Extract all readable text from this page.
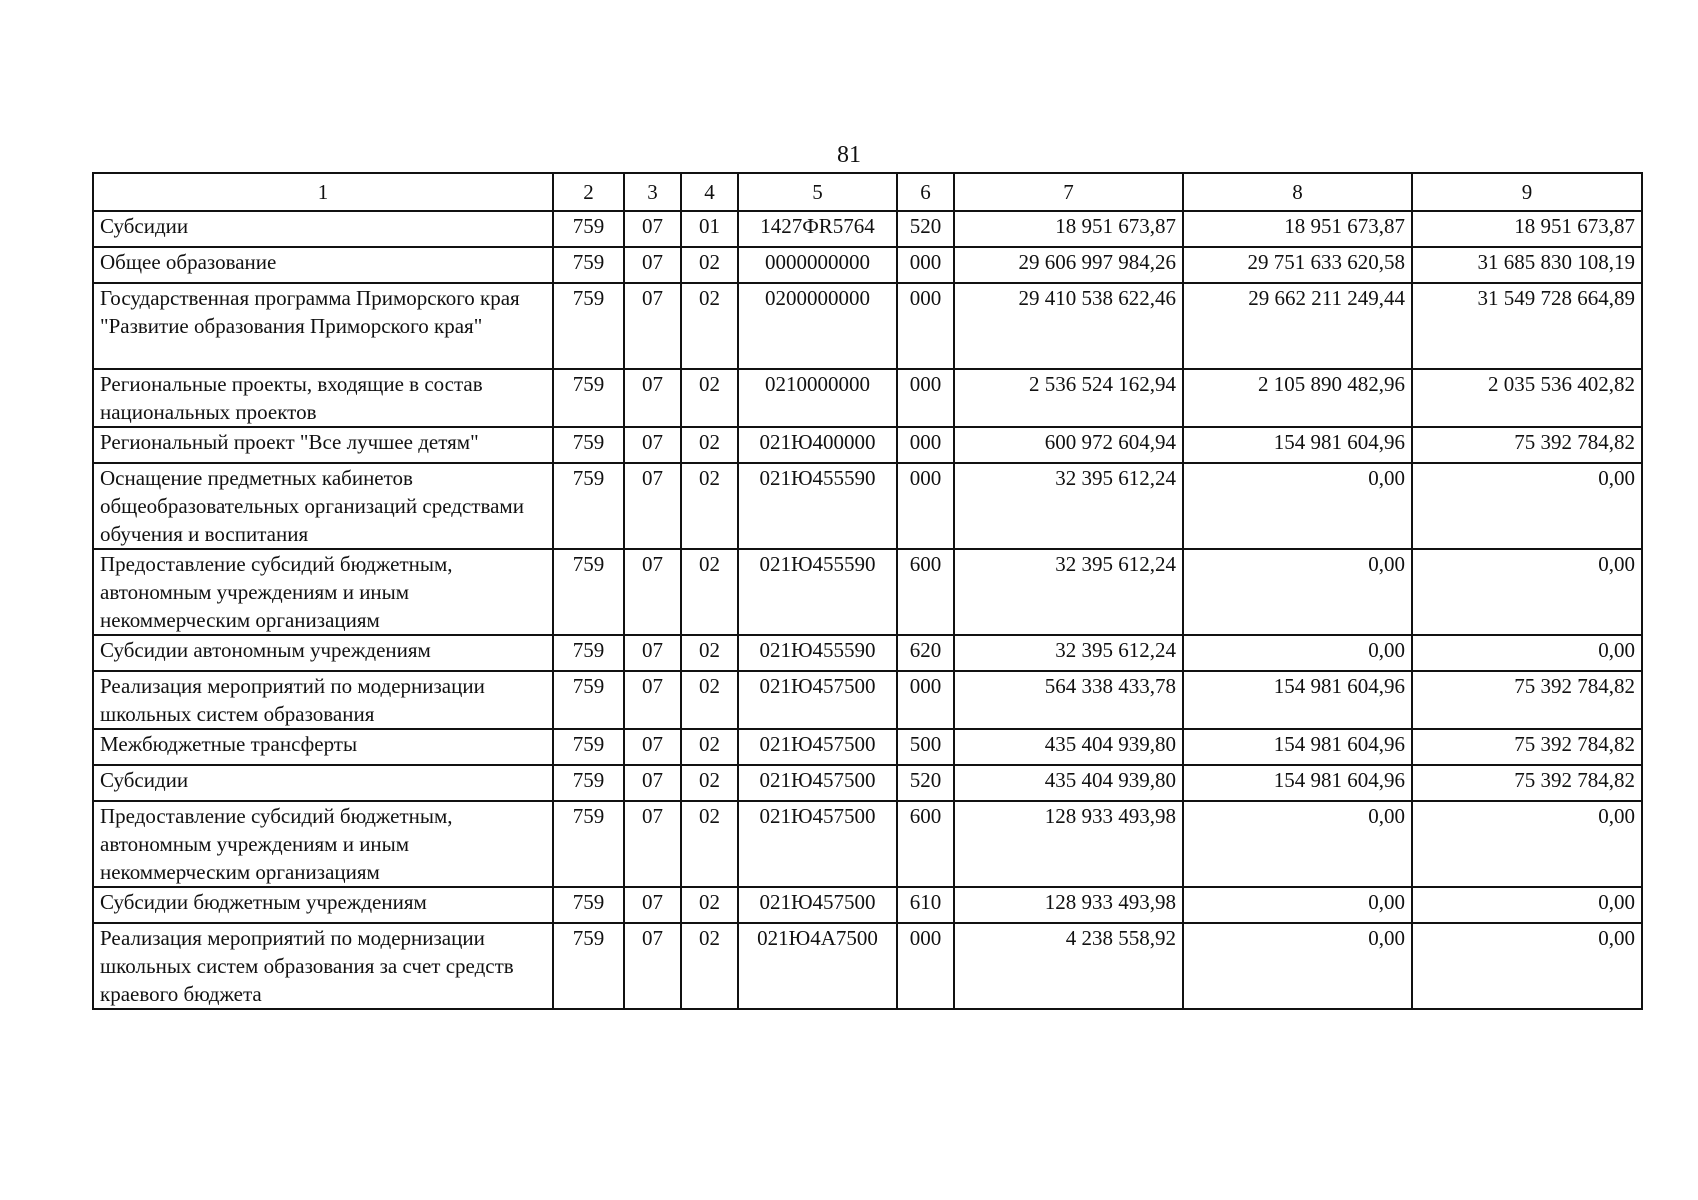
81
1	2	3	4	5	6	7	8	9
Субсидии	759	07	01	1427ФR5764	520	18 951 673,87	18 951 673,87	18 951 673,87
Общее образование	759	07	02	0000000000	000	29 606 997 984,26	29 751 633 620,58	31 685 830 108,19
Государственная программа Приморского края "Развитие образования Приморского края"	759	07	02	0200000000	000	29 410 538 622,46	29 662 211 249,44	31 549 728 664,89
Региональные проекты, входящие в состав национальных проектов	759	07	02	0210000000	000	2 536 524 162,94	2 105 890 482,96	2 035 536 402,82
Региональный проект "Все лучшее детям"	759	07	02	021Ю400000	000	600 972 604,94	154 981 604,96	75 392 784,82
Оснащение предметных кабинетов общеобразовательных организаций средствами обучения и воспитания	759	07	02	021Ю455590	000	32 395 612,24	0,00	0,00
Предоставление субсидий бюджетным, автономным учреждениям и иным некоммерческим организациям	759	07	02	021Ю455590	600	32 395 612,24	0,00	0,00
Субсидии автономным учреждениям	759	07	02	021Ю455590	620	32 395 612,24	0,00	0,00
Реализация мероприятий по модернизации школьных систем образования	759	07	02	021Ю457500	000	564 338 433,78	154 981 604,96	75 392 784,82
Межбюджетные трансферты	759	07	02	021Ю457500	500	435 404 939,80	154 981 604,96	75 392 784,82
Субсидии	759	07	02	021Ю457500	520	435 404 939,80	154 981 604,96	75 392 784,82
Предоставление субсидий бюджетным, автономным учреждениям и иным некоммерческим организациям	759	07	02	021Ю457500	600	128 933 493,98	0,00	0,00
Субсидии бюджетным учреждениям	759	07	02	021Ю457500	610	128 933 493,98	0,00	0,00
Реализация мероприятий по модернизации школьных систем образования за счет средств краевого бюджета	759	07	02	021Ю4А7500	000	4 238 558,92	0,00	0,00
